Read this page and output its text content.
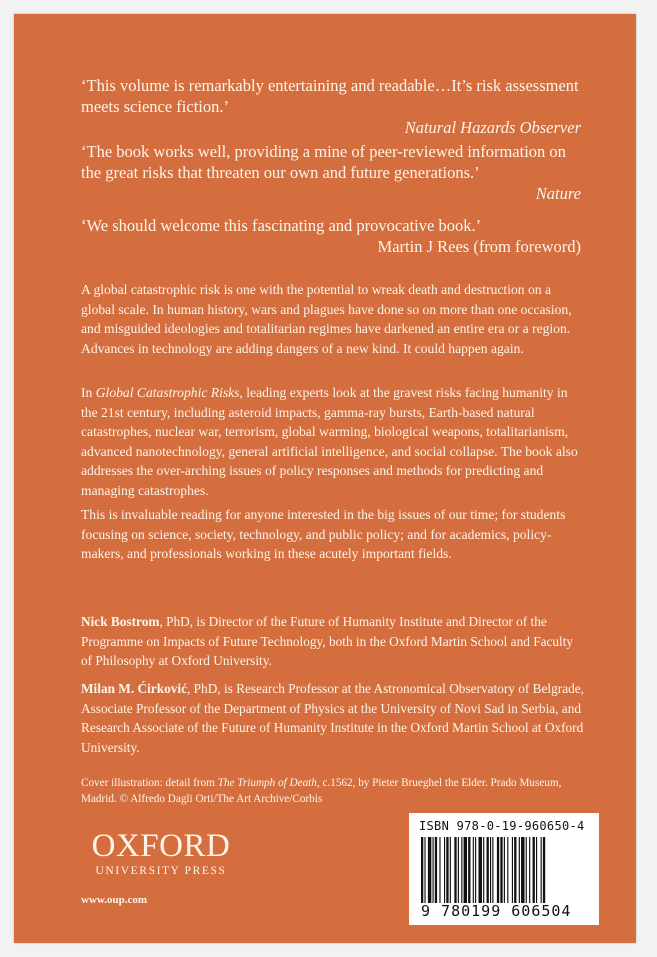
‘This volume is remarkably entertaining and readable…It’s risk assessment meets science fiction.’

Natural Hazards Observer

‘The book works well, providing a mine of peer-reviewed information on the great risks that threaten our own and future generations.’

Nature

‘We should welcome this fascinating and provocative book.’

Martin J Rees (from foreword)

A global catastrophic risk is one with the potential to wreak death and destruction on a global scale. In human history, wars and plagues have done so on more than one occasion, and misguided ideologies and totalitarian regimes have darkened an entire era or a region. Advances in technology are adding dangers of a new kind. It could happen again.

In Global Catastrophic Risks, leading experts look at the gravest risks facing humanity in the 21st century, including asteroid impacts, gamma-ray bursts, Earth-based natural catastrophes, nuclear war, terrorism, global warming, biological weapons, totalitarianism, advanced nanotechnology, general artificial intelligence, and social collapse. The book also addresses the over-arching issues of policy responses and methods for predicting and managing catastrophes.

This is invaluable reading for anyone interested in the big issues of our time; for students focusing on science, society, technology, and public policy; and for academics, policy-makers, and professionals working in these acutely important fields.

Nick Bostrom, PhD, is Director of the Future of Humanity Institute and Director of the Programme on Impacts of Future Technology, both in the Oxford Martin School and Faculty of Philosophy at Oxford University.

Milan M. Ćirković, PhD, is Research Professor at the Astronomical Observatory of Belgrade, Associate Professor of the Department of Physics at the University of Novi Sad in Serbia, and Research Associate of the Future of Humanity Institute in the Oxford Martin School at Oxford University.

Cover illustration: detail from The Triumph of Death, c.1562, by Pieter Brueghel the Elder. Prado Museum, Madrid. © Alfredo Dagli Orti/The Art Archive/Corbis

OXFORD
UNIVERSITY PRESS
www.oup.com
ISBN 978-0-19-960650-4
9 780199 606504
